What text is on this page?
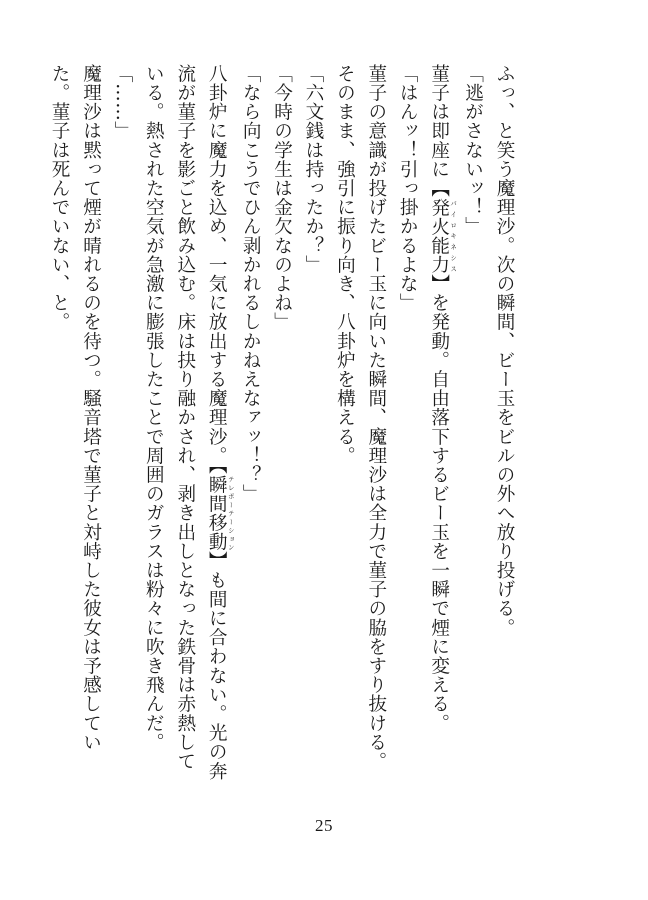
ふっ、と笑う魔理沙。次の瞬間、ビー玉をビルの外へ放り投げる。

「逃がさないッ！」

菫子は即座に【発火能力 パイロキネシス】を発動。自由落下するビー玉を一瞬で煙に変える。

「はんッ！引っ掛かるよな」

菫子の意識が投げたビー玉に向いた瞬間、魔理沙は全力で菫子の脇をすり抜ける。そのまま、強引に振り向き、八卦炉を構える。

「六文銭は持ったか？」

「今時の学生は金欠なのよね」

「なら向こうでひん剥かれるしかねえなァッ！？」

八卦炉に魔力を込め、一気に放出する魔理沙。【瞬間移動 テレポーテーション】も間に合わない。光の奔流が菫子を影ごと飲み込む。床は抉り融かされ、剥き出しとなった鉄骨は赤熱している。熱された空気が急激に膨張したことで周囲のガラスは粉々に吹き飛んだ。

「……」

魔理沙は黙って煙が晴れるのを待つ。騒音塔で菫子と対峙した彼女は予感していた。菫子は死んでいない、と。

25
